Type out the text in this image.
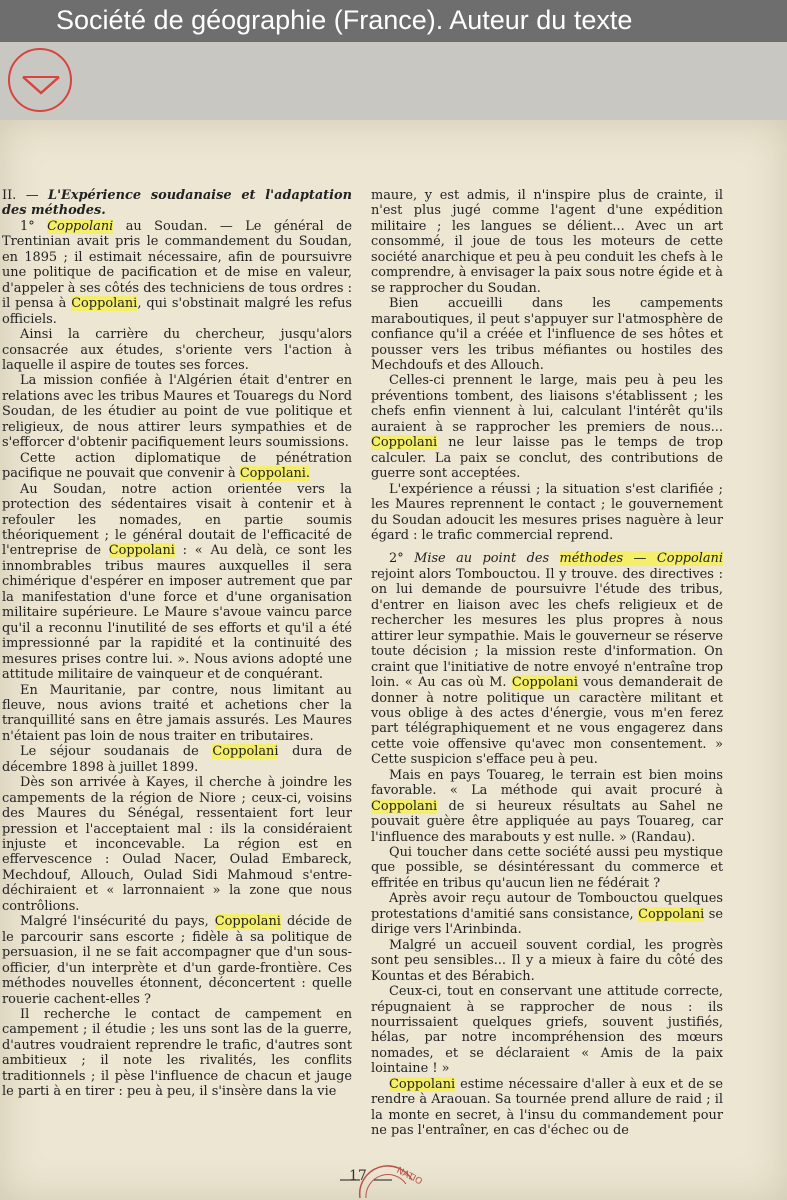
Société de géographie (France). Auteur du texte

II. — L'Expérience soudanaise et l'adaptation des méthodes.

1° Coppolani au Soudan. — Le général de Trentinian avait pris le commandement du Soudan, en 1895 ; il estimait nécessaire, afin de poursuivre une politique de pacification et de mise en valeur, d'appeler à ses côtés des techniciens de tous ordres : il pensa à Coppolani, qui s'obstinait malgré les refus officiels.

Ainsi la carrière du chercheur, jusqu'alors consacrée aux études, s'oriente vers l'action à laquelle il aspire de toutes ses forces.

La mission confiée à l'Algérien était d'entrer en relations avec les tribus Maures et Touaregs du Nord Soudan, de les étudier au point de vue politique et religieux, de nous attirer leurs sympathies et de s'efforcer d'obtenir pacifiquement leurs soumissions.

Cette action diplomatique de pénétration pacifique ne pouvait que convenir à Coppolani.

Au Soudan, notre action orientée vers la protection des sédentaires visait à contenir et à refouler les nomades, en partie soumis théoriquement ; le général doutait de l'efficacité de l'entreprise de Coppolani : « Au delà, ce sont les innombrables tribus maures auxquelles il sera chimérique d'espérer en imposer autrement que par la manifestation d'une force et d'une organisation militaire supérieure. Le Maure s'avoue vaincu parce qu'il a reconnu l'inutilité de ses efforts et qu'il a été impressionné par la rapidité et la continuité des mesures prises contre lui. ». Nous avions adopté une attitude militaire de vainqueur et de conquérant.

En Mauritanie, par contre, nous limitant au fleuve, nous avions traité et achetions cher la tranquillité sans en être jamais assurés. Les Maures n'étaient pas loin de nous traiter en tributaires.

Le séjour soudanais de Coppolani dura de décembre 1898 à juillet 1899.

Dès son arrivée à Kayes, il cherche à joindre les campements de la région de Niore ; ceux-ci, voisins des Maures du Sénégal, ressentaient fort leur pression et l'acceptaient mal : ils la considéraient injuste et inconcevable. La région est en effervescence : Oulad Nacer, Oulad Embareck, Mechdouf, Allouch, Oulad Sidi Mahmoud s'entre-déchiraient et « larronnaient » la zone que nous contrôlions.

Malgré l'insécurité du pays, Coppolani décide de le parcourir sans escorte ; fidèle à sa politique de persuasion, il ne se fait accompagner que d'un sous-officier, d'un interprète et d'un garde-frontière. Ces méthodes nouvelles étonnent, déconcertent : quelle rouerie cachent-elles ?

Il recherche le contact de campement en campement ; il étudie ; les uns sont las de la guerre, d'autres voudraient reprendre le trafic, d'autres sont ambitieux ; il note les rivalités, les conflits traditionnels ; il pèse l'influence de chacun et jauge le parti à en tirer : peu à peu, il s'insère dans la vie

maure, y est admis, il n'inspire plus de crainte, il n'est plus jugé comme l'agent d'une expédition militaire ; les langues se délient... Avec un art consommé, il joue de tous les moteurs de cette société anarchique et peu à peu conduit les chefs à le comprendre, à envisager la paix sous notre égide et à se rapprocher du Soudan.

Bien accueilli dans les campements maraboutiques, il peut s'appuyer sur l'atmosphère de confiance qu'il a créée et l'influence de ses hôtes et pousser vers les tribus méfiantes ou hostiles des Mechdoufs et des Allouch.

Celles-ci prennent le large, mais peu à peu les préventions tombent, des liaisons s'établissent ; les chefs enfin viennent à lui, calculant l'intérêt qu'ils auraient à se rapprocher les premiers de nous... Coppolani ne leur laisse pas le temps de trop calculer. La paix se conclut, des contributions de guerre sont acceptées.

L'expérience a réussi ; la situation s'est clarifiée ; les Maures reprennent le contact ; le gouvernement du Soudan adoucit les mesures prises naguère à leur égard : le trafic commercial reprend.

2° Mise au point des méthodes — Coppolani rejoint alors Tombouctou. Il y trouve. des directives : on lui demande de poursuivre l'étude des tribus, d'entrer en liaison avec les chefs religieux et de rechercher les mesures les plus propres à nous attirer leur sympathie. Mais le gouverneur se réserve toute décision ; la mission reste d'information. On craint que l'initiative de notre envoyé n'entraîne trop loin. « Au cas où M. Coppolani vous demanderait de donner à notre politique un caractère militant et vous oblige à des actes d'énergie, vous m'en ferez part télégraphiquement et ne vous engagerez dans cette voie offensive qu'avec mon consentement. » Cette suspicion s'efface peu à peu.

Mais en pays Touareg, le terrain est bien moins favorable. « La méthode qui avait procuré à Coppolani de si heureux résultats au Sahel ne pouvait guère être appliquée au pays Touareg, car l'influence des marabouts y est nulle. » (Randau).

Qui toucher dans cette société aussi peu mystique que possible, se désintéressant du commerce et effritée en tribus qu'aucun lien ne fédérait ?

Après avoir reçu autour de Tombouctou quelques protestations d'amitié sans consistance, Coppolani se dirige vers l'Arinbinda.

Malgré un accueil souvent cordial, les progrès sont peu sensibles... Il y a mieux à faire du côté des Kountas et des Bérabich.

Ceux-ci, tout en conservant une attitude correcte, répugnaient à se rapprocher de nous : ils nourrissaient quelques griefs, souvent justifiés, hélas, par notre incompréhension des mœurs nomades, et se déclaraient « Amis de la paix lointaine ! »

Coppolani estime nécessaire d'aller à eux et de se rendre à Araouan. Sa tournée prend allure de raid ; il la monte en secret, à l'insu du commandement pour ne pas l'entraîner, en cas d'échec ou de

NATIO
17
